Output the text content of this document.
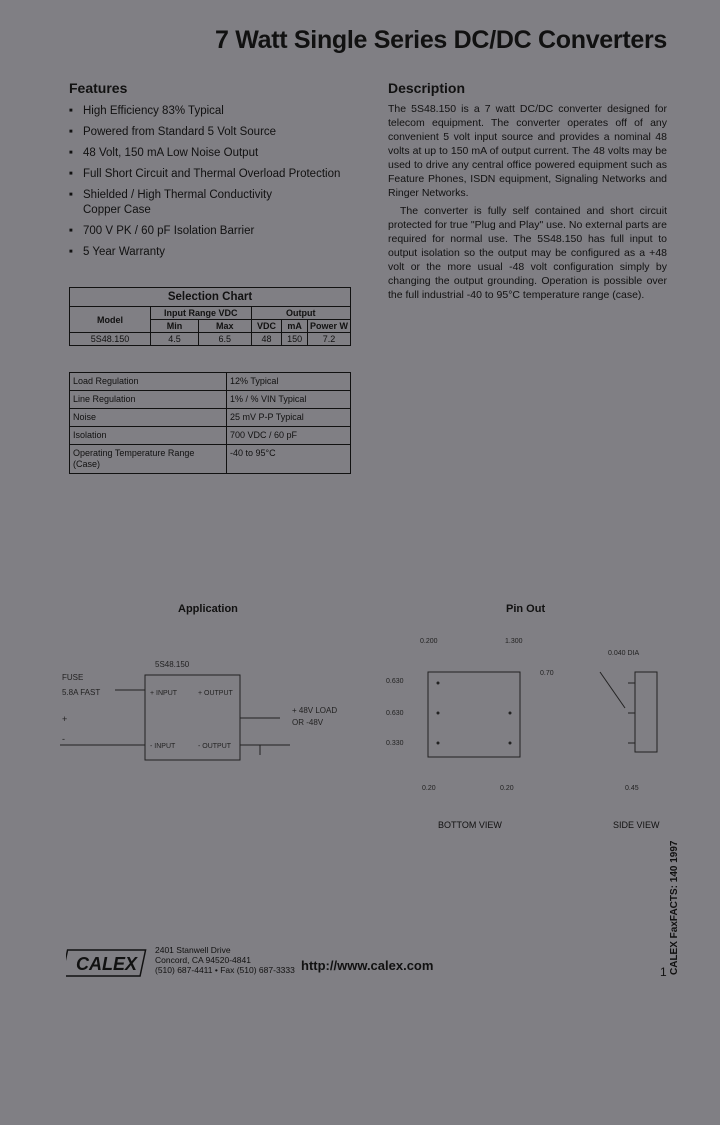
7 Watt Single Series DC/DC Converters
Features
■ High Efficiency 83% Typical
■ Powered from Standard 5 Volt Source
■ 48 Volt, 150 mA Low Noise Output
■ Full Short Circuit and Thermal Overload Protection
■ Shielded / High Thermal Conductivity Copper Case
■ 700 V PK / 60 pF Isolation Barrier
■ 5 Year Warranty
Description

The 5S48.150 is a 7 watt DC/DC converter designed for telecom equipment. The converter operates off of any convenient 5 volt input source and provides a nominal 48 volts at up to 150 mA of output current. The 48 volts may be used to drive any central office powered equipment such as Feature Phones, ISDN equipment, Signaling Networks and Ringer Networks.

The converter is fully self contained and short circuit protected for true "Plug and Play" use. No external parts are required for normal use. The 5S48.150 has full input to output isolation so the output may be configured as a +48 volt or the more usual -48 volt configuration simply by changing the output grounding. Operation is possible over the full industrial -40 to 95°C temperature range (case).

Selection Chart					
Model	Input Range VDC		Output		
	Min	Max	VDC	mA	Power W
5S48.150	4.5	6.5	48	150	7.2
Load Regulation	12% Typical
Line Regulation	1% / % VIN Typical
Noise	25 mV P-P Typical
Isolation	700 VDC / 60 pF
Operating Temperature Range (Case)	-40 to 95°C
Application
5S48.150
FUSE
5.8A FAST	+ INPUT
- INPUT
+ OUTPUT
- OUTPUT
+
-
+ 48V LOAD
OR -48V
Pin Out
0.200	1.300
0.630
0.630
0.330
0.70
0.040 DIA
0.20	0.20	0.45
BOTTOM VIEW	SIDE VIEW
CALEX
2401 Stanwell Drive
Concord, CA 94520-4841
(510) 687-4411 • Fax (510) 687-3333 http://www.calex.com	1 CALEX FaxFACTS: 140 1997
